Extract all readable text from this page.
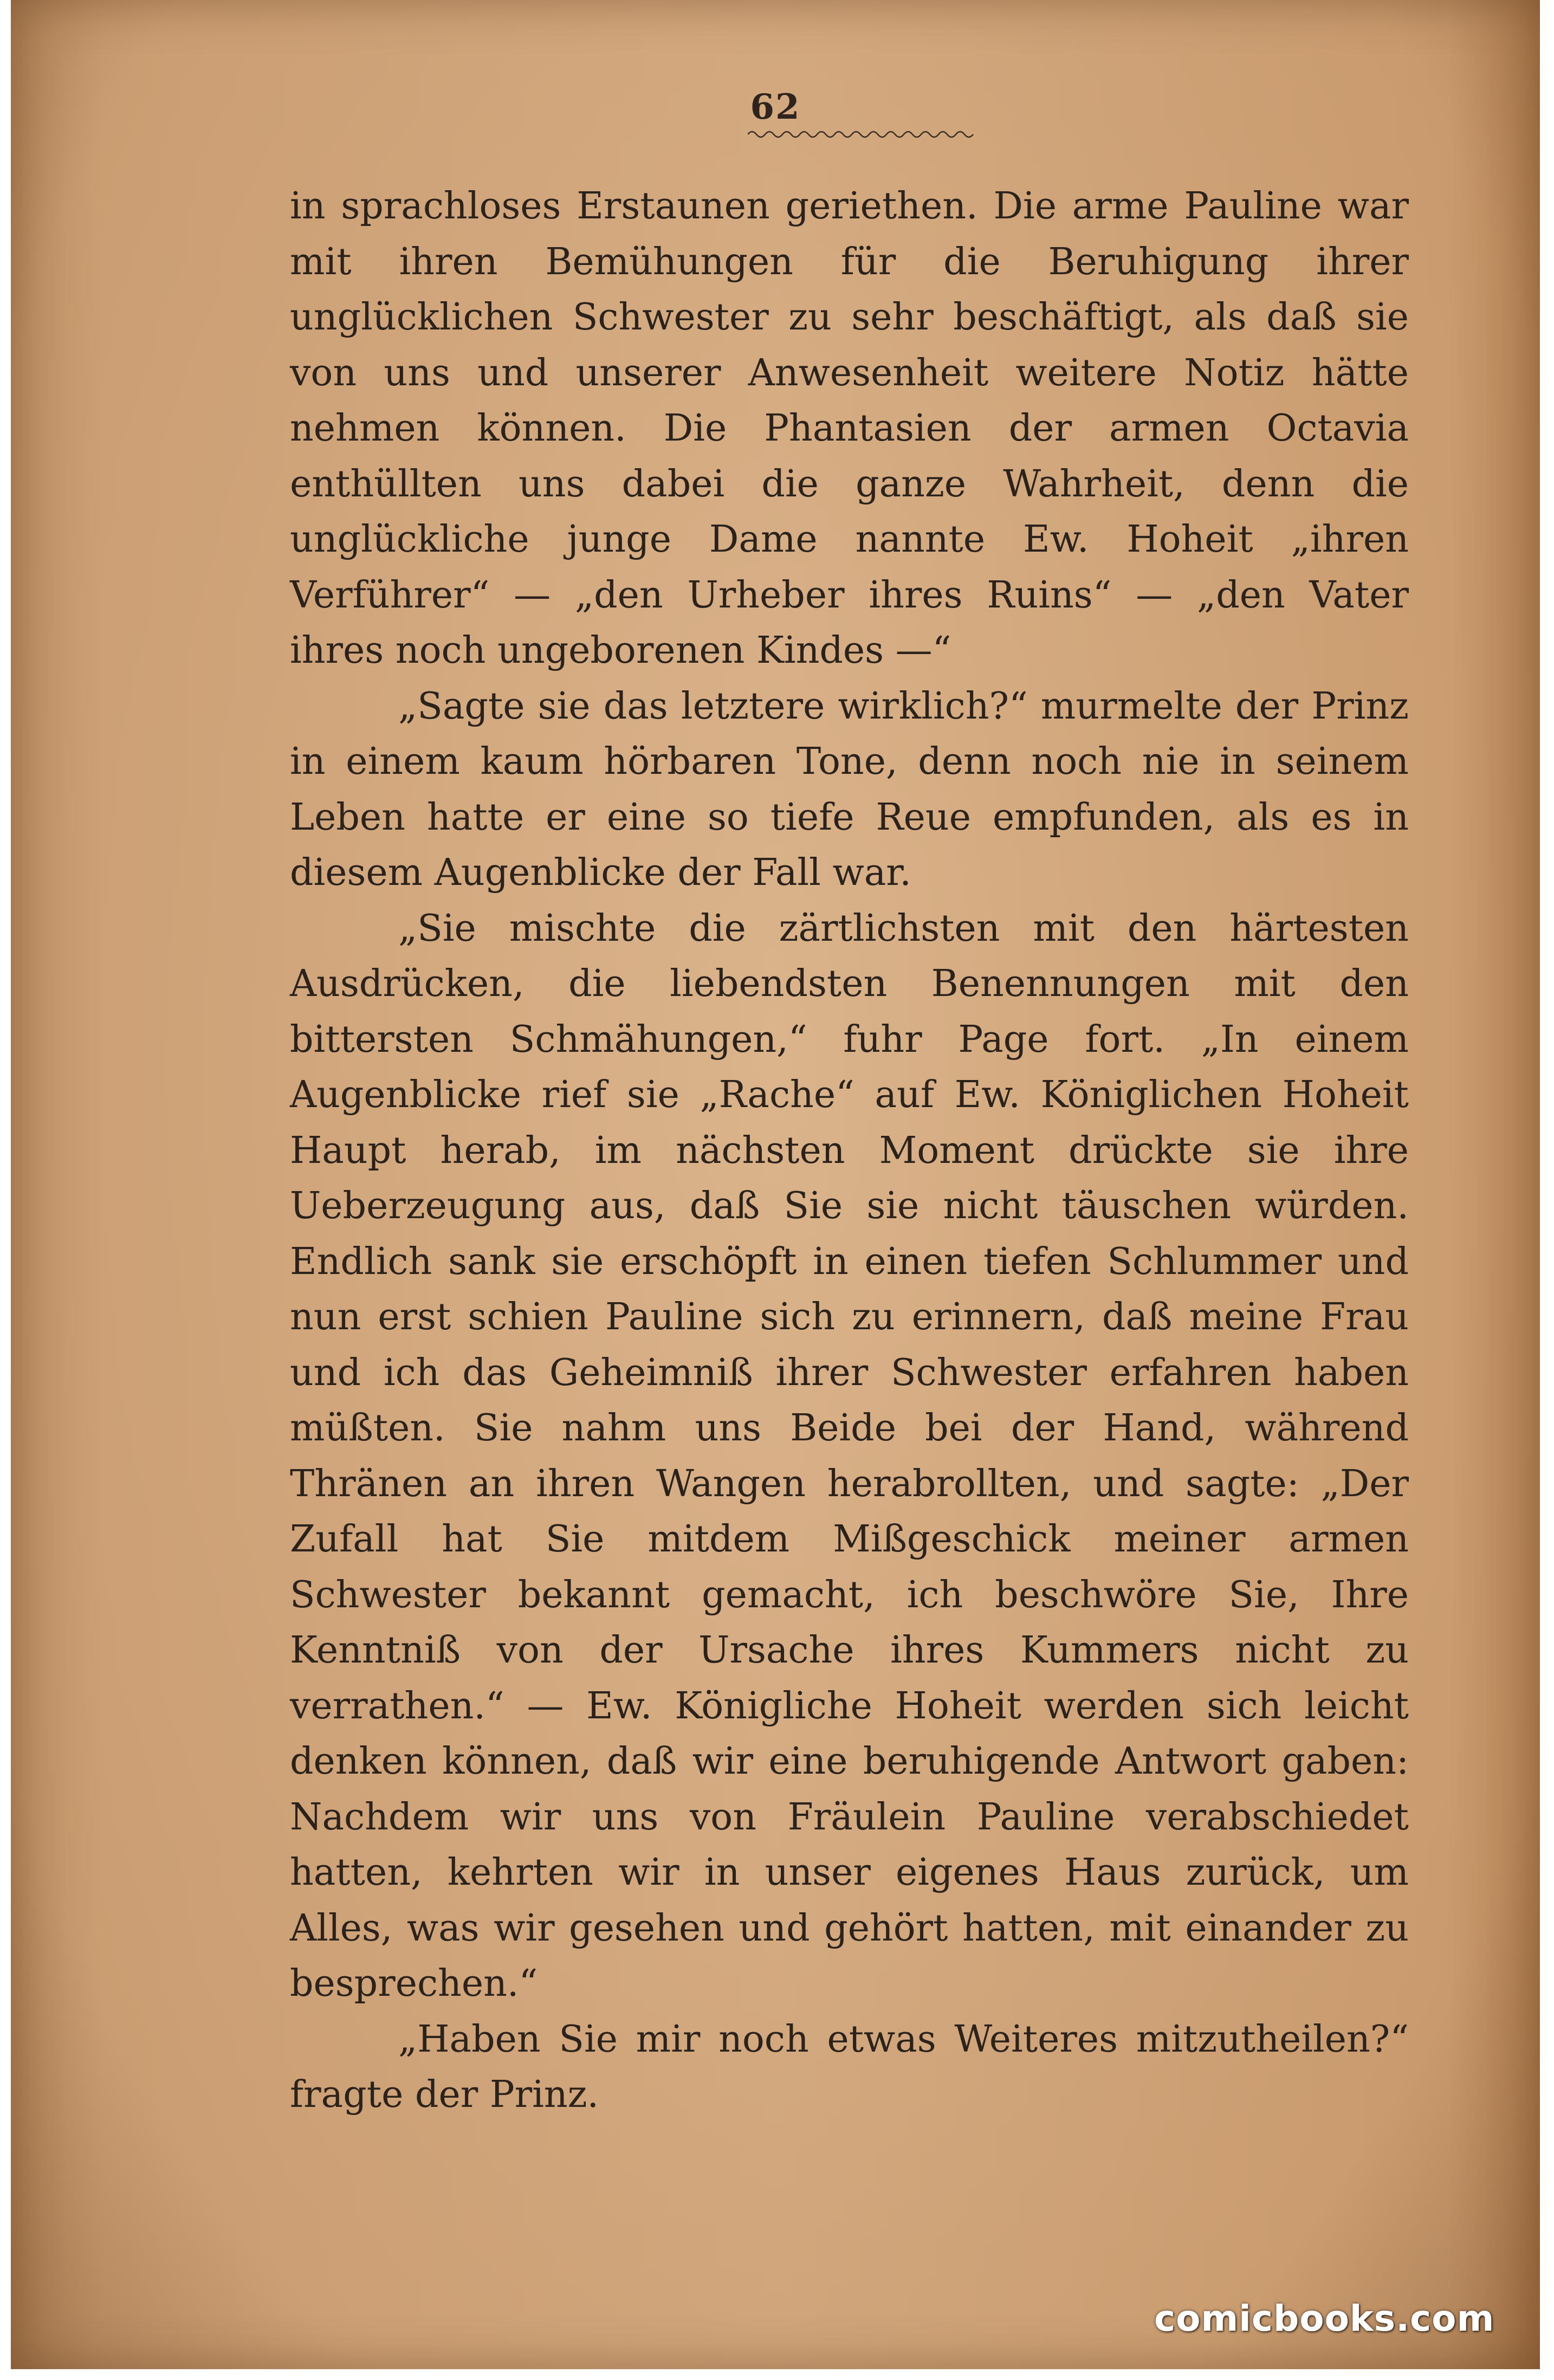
62

in sprachloses Erstaunen geriethen. Die arme Pauline war mit ihren Bemühungen für die Beruhigung ihrer unglücklichen Schwester zu sehr beschäftigt, als daß sie von uns und unserer Anwesenheit weitere Notiz hätte nehmen können. Die Phantasien der armen Octavia enthüllten uns dabei die ganze Wahrheit, denn die unglückliche junge Dame nannte Ew. Hoheit „ihren Verführer“ — „den Urheber ihres Ruins“ — „den Vater ihres noch ungeborenen Kindes —“

„Sagte sie das letztere wirklich?“ murmelte der Prinz in einem kaum hörbaren Tone, denn noch nie in seinem Leben hatte er eine so tiefe Reue empfunden, als es in diesem Augenblicke der Fall war.

„Sie mischte die zärtlichsten mit den härtesten Ausdrücken, die liebendsten Benennungen mit den bittersten Schmähungen,“ fuhr Page fort. „In einem Augenblicke rief sie „Rache“ auf Ew. Königlichen Hoheit Haupt herab, im nächsten Moment drückte sie ihre Ueberzeugung aus, daß Sie sie nicht täuschen würden. Endlich sank sie erschöpft in einen tiefen Schlummer und nun erst schien Pauline sich zu erinnern, daß meine Frau und ich das Geheimniß ihrer Schwester erfahren haben müßten. Sie nahm uns Beide bei der Hand, während Thränen an ihren Wangen herabrollten, und sagte: „Der Zufall hat Sie mitdem Mißgeschick meiner armen Schwester bekannt gemacht, ich beschwöre Sie, Ihre Kenntniß von der Ursache ihres Kummers nicht zu verrathen.“ — Ew. Königliche Hoheit werden sich leicht denken können, daß wir eine beruhigende Antwort gaben: Nachdem wir uns von Fräulein Pauline verabschiedet hatten, kehrten wir in unser eigenes Haus zurück, um Alles, was wir gesehen und gehört hatten, mit einander zu besprechen.“

„Haben Sie mir noch etwas Weiteres mitzutheilen?“ fragte der Prinz.

comicbooks.com
